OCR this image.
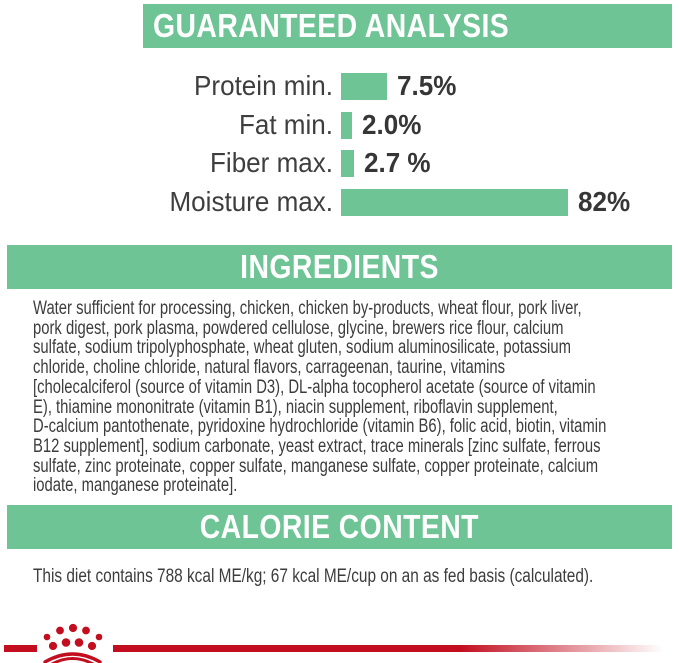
GUARANTEED ANALYSIS
Protein min. 7.5%
Fat min. 2.0%
Fiber max. 2.7 %
Moisture max.	82%
INGREDIENTS
Water sufficient for processing, chicken, chicken by-products, wheat flour, pork liver,
pork digest, pork plasma, powdered cellulose, glycine, brewers rice flour, calcium
sulfate, sodium tripolyphosphate, wheat gluten, sodium aluminosilicate, potassium
chloride, choline chloride, natural flavors, carrageenan, taurine, vitamins
[cholecalciferol (source of vitamin D3), DL-alpha tocopherol acetate (source of vitamin
E), thiamine mononitrate (vitamin B1), niacin supplement, riboflavin supplement,
D-calcium pantothenate, pyridoxine hydrochloride (vitamin B6), folic acid, biotin, vitamin
B12 supplement], sodium carbonate, yeast extract, trace minerals [zinc sulfate, ferrous
sulfate, zinc proteinate, copper sulfate, manganese sulfate, copper proteinate, calcium
iodate, manganese proteinate].
CALORIE CONTENT
This diet contains 788 kcal ME/kg; 67 kcal ME/cup on an as fed basis (calculated).
